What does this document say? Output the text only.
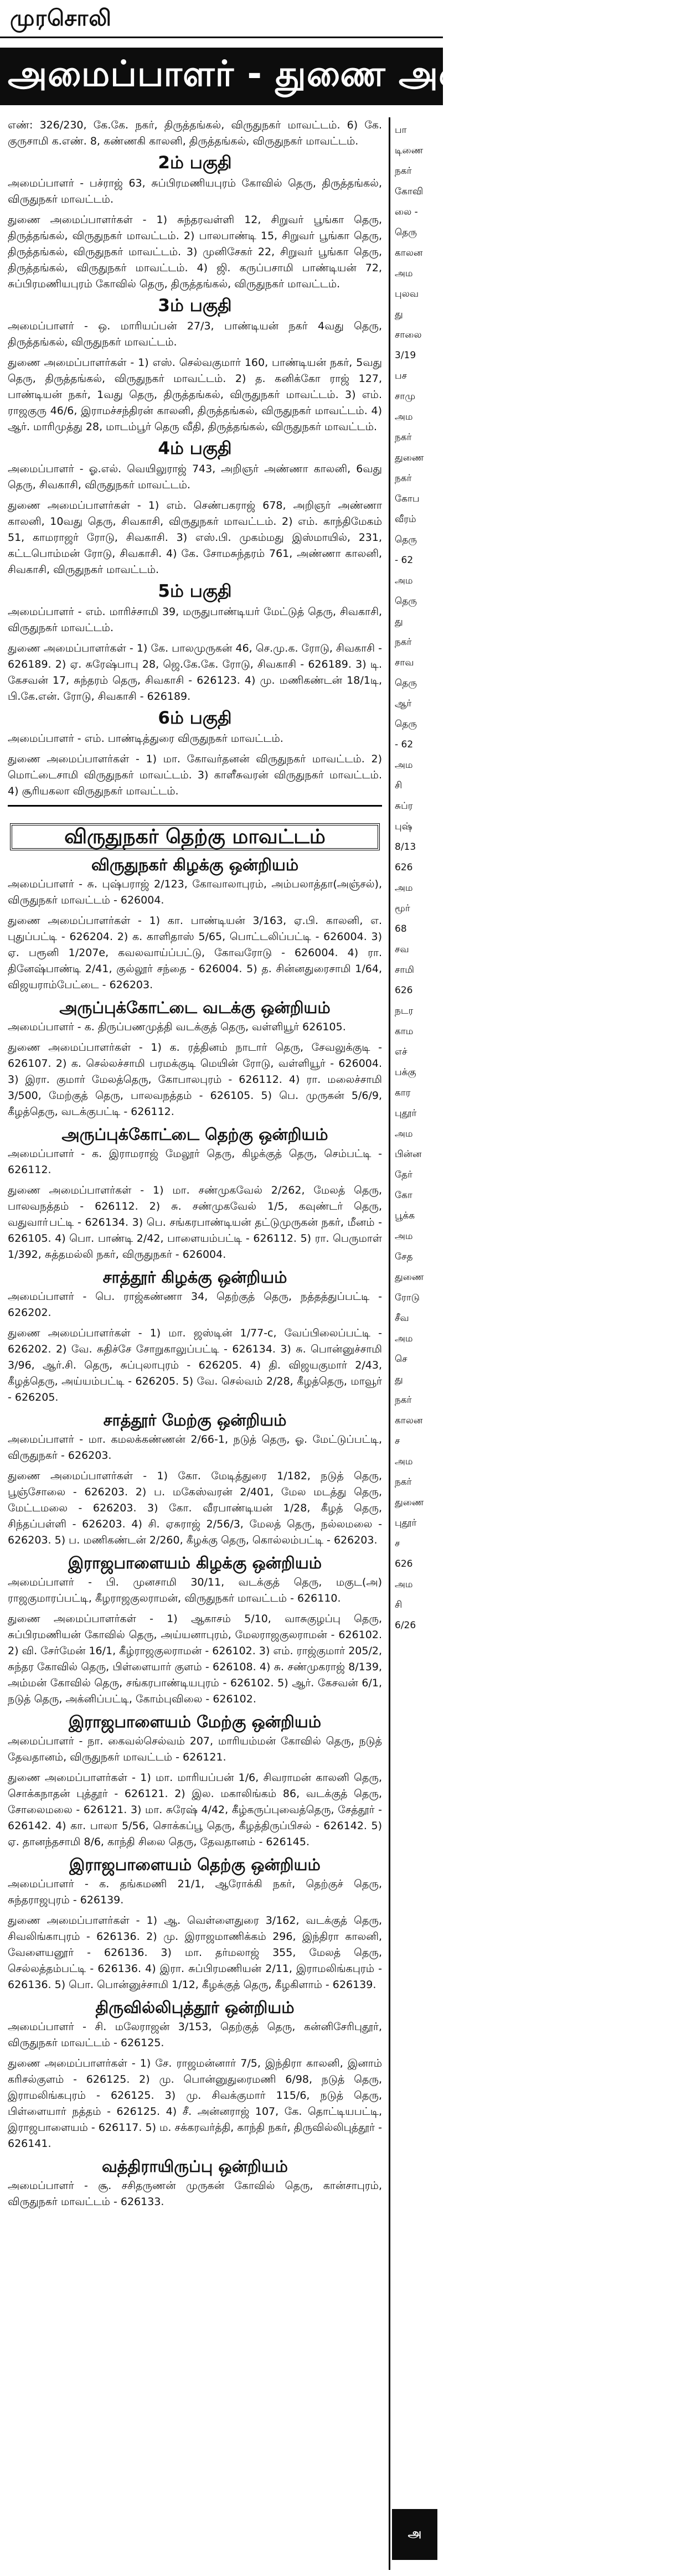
முரசொலி
அமைப்பாளர் - துணை அமைப்பாளர்கள்
எண்: 326/230, கே.கே. நகர், திருத்தங்கல், விருதுநகர் மாவட்டம். 6) கே. குருசாமி க.எண். 8, கண்ணகி காலனி, திருத்தங்கல், விருதுநகர் மாவட்டம்.
2ம் பகுதி
அமைப்பாளர் - பச்ராஜ் 63, சுப்பிரமணியபுரம் கோவில் தெரு, திருத்தங்கல், விருதுநகர் மாவட்டம்.
துணை அமைப்பாளர்கள் - 1) சுந்தரவள்ளி 12, சிறுவர் பூங்கா தெரு, திருத்தங்கல், விருதுநகர் மாவட்டம். 2) பாலபாண்டி 15, சிறுவர் பூங்கா தெரு, திருத்தங்கல், விருதுநகர் மாவட்டம். 3) முனிசேகர் 22, சிறுவர் பூங்கா தெரு, திருத்தங்கல், விருதுநகர் மாவட்டம். 4) ஜி. கருப்பசாமி பாண்டியன் 72, சுப்பிரமணியபுரம் கோவில் தெரு, திருத்தங்கல், விருதுநகர் மாவட்டம்.
3ம் பகுதி
அமைப்பாளர் - ஒ. மாரியப்பன் 27/3, பாண்டியன் நகர் 4வது தெரு, திருத்தங்கல், விருதுநகர் மாவட்டம்.
துணை அமைப்பாளர்கள் - 1) எஸ். செல்வகுமார் 160, பாண்டியன் நகர், 5வது தெரு, திருத்தங்கல், விருதுநகர் மாவட்டம். 2) த. கனிக்கோ ராஜ் 127, பாண்டியன் நகர், 1வது தெரு, திருத்தங்கல், விருதுநகர் மாவட்டம். 3) எம். ராஜகுரு 46/6, இராமச்சந்திரன் காலனி, திருத்தங்கல், விருதுநகர் மாவட்டம். 4) ஆர். மாரிமுத்து 28, மாடம்பூர் தெரு வீதி, திருத்தங்கல், விருதுநகர் மாவட்டம்.
4ம் பகுதி
அமைப்பாளர் - ஓ.எல். வெயிலுராஜ் 743, அறிஞர் அண்ணா காலனி, 6வது தெரு, சிவகாசி, விருதுநகர் மாவட்டம்.
துணை அமைப்பாளர்கள் - 1) எம். செண்பகராஜ் 678, அறிஞர் அண்ணா காலனி, 10வது தெரு, சிவகாசி, விருதுநகர் மாவட்டம். 2) எம். காந்திமேகம் 51, காமராஜர் ரோடு, சிவகாசி. 3) எஸ்.பி. முகம்மது இஸ்மாயில், 231, கட்டபொம்மன் ரோடு, சிவகாசி. 4) கே. சோமசுந்தரம் 761, அண்ணா காலனி, சிவகாசி, விருதுநகர் மாவட்டம்.
5ம் பகுதி
அமைப்பாளர் - எம். மாரிச்சாமி 39, மருதுபாண்டியர் மேட்டுத் தெரு, சிவகாசி, விருதுநகர் மாவட்டம்.
துணை அமைப்பாளர்கள் - 1) கே. பாலமுருகன் 46, செ.மு.க. ரோடு, சிவகாசி - 626189. 2) ஏ. சுரேஷ்பாபு 28, ஜெ.கே.கே. ரோடு, சிவகாசி - 626189. 3) டி. கேசவன் 17, சுந்தரம் தெரு, சிவகாசி - 626123. 4) மு. மணிகண்டன் 18/1டி, பி.கே.என். ரோடு, சிவகாசி - 626189.
6ம் பகுதி
அமைப்பாளர் - எம். பாண்டித்துரை விருதுநகர் மாவட்டம்.
துணை அமைப்பாளர்கள் - 1) மா. கோவர்தனன் விருதுநகர் மாவட்டம். 2) மொட்டைசாமி விருதுநகர் மாவட்டம். 3) காளீசுவரன் விருதுநகர் மாவட்டம். 4) சூரியகலா விருதுநகர் மாவட்டம்.
விருதுநகர் தெற்கு மாவட்டம்
விருதுநகர் கிழக்கு ஒன்றியம்
அமைப்பாளர் - சு. புஷ்பராஜ் 2/123, கோவாலாபுரம், அம்பலாத்தா(அஞ்சல்), விருதுநகர் மாவட்டம் - 626004.
துணை அமைப்பாளர்கள் - 1) கா. பாண்டியன் 3/163, ஏ.பி. காலனி, எ. புதுப்பட்டி - 626204. 2) க. காளிதாஸ் 5/65, பொட்டலிப்பட்டி - 626004. 3) ஏ. பரூனி 1/207e, கவலவாய்ப்பட்டு, கோவரோடு - 626004. 4) ரா. தினேஷ்பாண்டி 2/41, குல்லூர் சந்தை - 626004. 5) த. சின்னதுரைசாமி 1/64, விஜயராம்பேட்டை - 626203.
அருப்புக்கோட்டை வடக்கு ஒன்றியம்
அமைப்பாளர் - க. திருப்பணமுத்தி வடக்குத் தெரு, வள்ளியூர் 626105.
துணை அமைப்பாளர்கள் - 1) க. ரத்தினம் நாடார் தெரு, சேவலுக்குடி - 626107. 2) க. செல்லச்சாமி பரமக்குடி மெயின் ரோடு, வள்ளியூர் - 626004. 3) இரா. குமார் மேலத்தெரு, கோபாலபுரம் - 626112. 4) ரா. மலைச்சாமி 3/500, மேற்குத் தெரு, பாலவநத்தம் - 626105. 5) பெ. முருகன் 5/6/9, கீழத்தெரு, வடக்குபட்டி - 626112.
அருப்புக்கோட்டை தெற்கு ஒன்றியம்
அமைப்பாளர் - க. இராமராஜ் மேலூர் தெரு, கிழக்குத் தெரு, செம்பட்டி - 626112.
துணை அமைப்பாளர்கள் - 1) மா. சண்முகவேல் 2/262, மேலத் தெரு, பாலவநத்தம் - 626112. 2) சு. சண்முகவேல் 1/5, கவுண்டர் தெரு, வதுவாா்பட்டி - 626134. 3) பெ. சங்கரபாண்டியன் தட்டுமுருகன் நகர், மீனம் - 626105. 4) பொ. பாண்டி 2/42, பாளையம்பட்டி - 626112. 5) ரா. பெருமாள் 1/392, சுத்தமல்லி நகர், விருதுநகர் - 626004.
சாத்தூர் கிழக்கு ஒன்றியம்
அமைப்பாளர் - பெ. ராஜ்கண்ணா 34, தெற்குத் தெரு, நத்தத்துப்பட்டி - 626202.
துணை அமைப்பாளர்கள் - 1) மா. ஜஸ்டின் 1/77-c, வேப்பிலைப்பட்டி - 626202. 2) வே. சுதிச்சே சோறுகாலுப்பட்டி - 626134. 3) சு. பொன்னுச்சாமி 3/96, ஆர்.சி. தெரு, சுப்புலாபுரம் - 626205. 4) தி. விஜயகுமார் 2/43, கீழத்தெரு, அய்யம்பட்டி - 626205. 5) வே. செல்வம் 2/28, கீழத்தெரு, மாவூர் - 626205.
சாத்தூர் மேற்கு ஒன்றியம்
அமைப்பாளர் - மா. கமலக்கண்ணன் 2/66-1, நடுத் தெரு, ஓ. மேட்டுப்பட்டி, விருதுநகர் - 626203.
துணை அமைப்பாளர்கள் - 1) கோ. மேடித்துரை 1/182, நடுத் தெரு, பூஞ்சோலை - 626203. 2) ப. மகேஸ்வரன் 2/401, மேல மடத்து தெரு, மேட்டமலை - 626203. 3) கோ. வீரபாண்டியன் 1/28, கீழத் தெரு, சிந்தப்பள்ளி - 626203. 4) சி. ஏசுராஜ் 2/56/3, மேலத் தெரு, நல்லமலை - 626203. 5) ப. மணிகண்டன் 2/260, கீழக்கு தெரு, கொல்லம்பட்டி - 626203.
இராஜபாளையம் கிழக்கு ஒன்றியம்
அமைப்பாளர் - பி. முனசாமி 30/11, வடக்குத் தெரு, மகுட(அ) ராஜகுமாரப்பட்டி, கீழராஜகுலராமன், விருதுநகர் மாவட்டம் - 626110.
துணை அமைப்பாளர்கள் - 1) ஆகாசம் 5/10, வாசுகுழப்பு தெரு, சுப்பிரமணியன் கோவில் தெரு, அய்யனாபுரம், மேலராஜகுலராமன் - 626102. 2) வி. சேர்மேன் 16/1, கீழ்ராஜகுலராமன் - 626102. 3) எம். ராஜ்குமார் 205/2, சுந்தர கோவில் தெரு, பிள்ளையார் குளம் - 626108. 4) சு. சண்முகராஜ் 8/139, அம்மன் கோவில் தெரு, சங்கரபாண்டியபுரம் - 626102. 5) ஆர். கேசவன் 6/1, நடுத் தெரு, அக்னிப்பட்டி, கோம்புவிலை - 626102.
இராஜபாளையம் மேற்கு ஒன்றியம்
அமைப்பாளர் - நா. கைவல்செல்வம் 207, மாரியம்மன் கோவில் தெரு, நடுத் தேவதானம், விருதுநகர் மாவட்டம் - 626121.
துணை அமைப்பாளர்கள் - 1) மா. மாரியப்பன் 1/6, சிவராமன் காலனி தெரு, சொக்கநாதன் புத்தூர் - 626121. 2) இல. மகாலிங்கம் 86, வடக்குத் தெரு, சோலைமலை - 626121. 3) மா. சுரேஷ் 4/42, கீழ்கருப்புவைத்தெரு, சேத்தூர் - 626142. 4) கா. பாலா 5/56, சொக்கப்பூ தெரு, கீழத்திருப்பிசல் - 626142. 5) ஏ. தானந்தசாமி 8/6, காந்தி சிலை தெரு, தேவதானம் - 626145.
இராஜபாளையம் தெற்கு ஒன்றியம்
அமைப்பாளர் - க. தங்கமணி 21/1, ஆரோக்கி நகர், தெற்குச் தெரு, சுந்தராஜபுரம் - 626139.
துணை அமைப்பாளர்கள் - 1) ஆ. வெள்ளைதுரை 3/162, வடக்குத் தெரு, சிவலிங்காபுரம் - 626136. 2) மு. இராஜமாணிக்கம் 296, இந்திரா காலனி, வேளையனூர் - 626136. 3) மா. தர்மலாஜ் 355, மேலத் தெரு, செல்லத்தம்பட்டி - 626136. 4) இரா. சுப்பிரமணியன் 2/11, இராமலிங்கபுரம் - 626136. 5) பொ. பொன்னுச்சாமி 1/12, கீழக்குத் தெரு, கீழகிளாம் - 626139.
திருவில்லிபுத்தூர் ஒன்றியம்
அமைப்பாளர் - சி. மலேராஜன் 3/153, தெற்குத் தெரு, கன்னிசேரிபுதூர், விருதுநகர் மாவட்டம் - 626125.
துணை அமைப்பாளர்கள் - 1) சே. ராஜமன்னார் 7/5, இந்திரா காலனி, இனாம் கரிசல்குளம் - 626125. 2) மு. பொன்னுதுரைமணி 6/98, நடுத் தெரு, இராமலிங்கபுரம் - 626125. 3) மு. சிவக்குமார் 115/6, நடுத் தெரு, பிள்ளையார் நத்தம் - 626125. 4) சீ. அன்னராஜ் 107, கே. தொட்டியபட்டி, இராஜபாளையம் - 626117. 5) ம. சக்கரவர்த்தி, காந்தி நகர், திருவில்லிபுத்தூர் - 626141.
வத்திராயிருப்பு ஒன்றியம்
அமைப்பாளர் - சூ. சசிதருணன் முருகன் கோவில் தெரு, கான்சாபுரம், விருதுநகர் மாவட்டம் - 626133.
பா
டிணை
நகர்
கோவி
லை -
தெரு
காலன
அம
புலவ
து
சாலை
3/19
பச
சாமு
அம
நகர்
துணை
நகர்
கோப
வீரம்
தெரு
- 62
அம
தெரு
து
நகர்
சாவ
தெரு
ஆர்
தெரு
- 62
அம
சி
சுப்ர
புஷ்
8/13
626
அம
மூர்
68
சவ
சாமி
626
நடர
காம
எச்
பக்கு
கார
புதூர்
அம
பின்ன
தேர்
கோ
பூக்க
அம
சேத
துணை
ரோடு
சீவ
அம
செ
து
நகர்
காலன
ச
அம
நகர்
துணை
புதூர்
ச
626
அம
சி
6/26
அ
